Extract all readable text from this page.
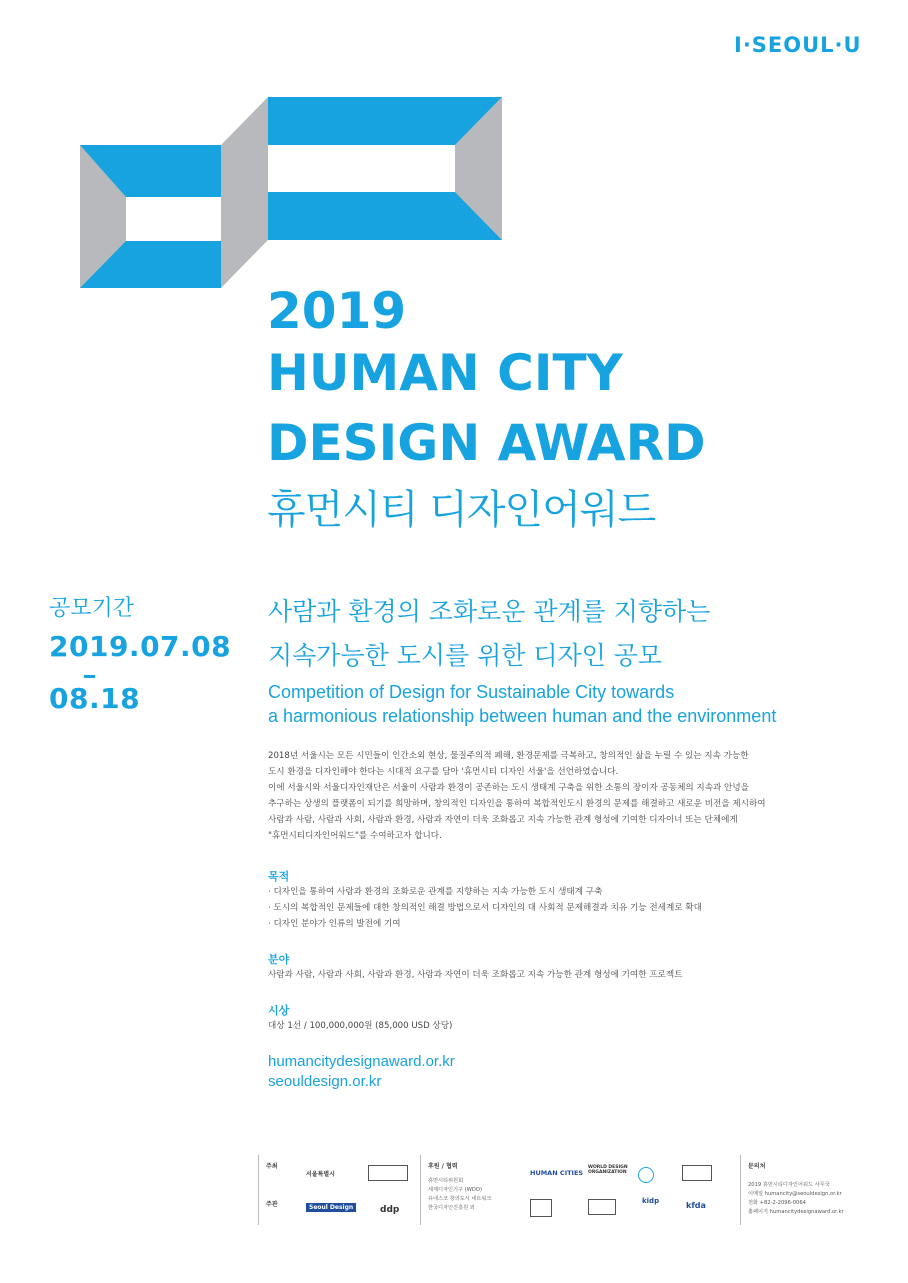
I·SEOUL·U
2019
HUMAN CITY
DESIGN AWARD
휴먼시티 디자인어워드
공모기간
2019.07.08
08.18
사람과 환경의 조화로운 관계를 지향하는
지속가능한 도시를 위한 디자인 공모
Competition of Design for Sustainable City towards
a harmonious relationship between human and the environment
2018년 서울시는 모든 시민들이 인간소외 현상, 물질주의적 폐해, 환경문제를 극복하고, 창의적인 삶을 누릴 수 있는 지속 가능한
도시 환경을 디자인해야 한다는 시대적 요구를 담아 '휴먼시티 디자인 서울'을 선언하였습니다.
이에 서울시와 서울디자인재단은 서울이 사람과 환경이 공존하는 도시 생태계 구축을 위한 소통의 장이자 공동체의 지속과 안녕을
추구하는 상생의 플랫폼이 되기를 희망하며, 창의적인 디자인을 통하여 복합적인도시 환경의 문제를 해결하고 새로운 비전을 제시하여
사람과 사람, 사람과 사회, 사람과 환경, 사람과 자연이 더욱 조화롭고 지속 가능한 관계 형성에 기여한 디자이너 또는 단체에게
"휴먼시티디자인어워드"를 수여하고자 합니다.
목적
· 디자인을 통하여 사람과 환경의 조화로운 관계를 지향하는 지속 가능한 도시 생태계 구축
· 도시의 복합적인 문제들에 대한 창의적인 해결 방법으로서 디자인의 대 사회적 문제해결과 치유 기능 전세계로 확대
· 디자인 분야가 인류의 발전에 기여
분야
사람과 사람, 사람과 사회, 사람과 환경, 사람과 자연이 더욱 조화롭고 지속 가능한 관계 형성에 기여한 프로젝트
시상
대상 1선 / 100,000,000원 (85,000 USD 상당)
humancitydesignaward.or.kr
seouldesign.or.kr
주최
서울특별시
주관	Seoul Design	ddp
후원 / 협력
휴먼시티위원회
세계디자인기구 (WDO)
유네스코 창의도시 네트워크
한국디자인진흥원 외
HUMAN CITIES
WORLD DESIGN ORGANIZATION
kidp	kfda
문의처
2019 휴먼시티디자인어워드 사무국
이메일 humancity@seouldesign.or.kr
전화 +82-2-2096-0064
홈페이지 humancitydesignaward.or.kr
